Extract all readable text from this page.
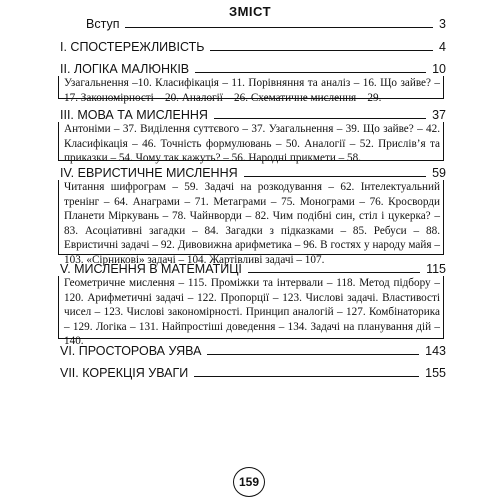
ЗМІСТ
Вступ	3
I. СПОСТЕРЕЖЛИВІСТЬ	4
II. ЛОГІКА МАЛЮНКІВ	10
Узагальнення –10. Класифікація – 11. Порівняння та аналіз – 16. Що зайве? – 17. Закономірності – 20. Аналогії – 26. Схематичне мислення – 29.
III. МОВА ТА МИСЛЕННЯ	37
Антоніми – 37. Виділення суттєвого – 37. Узагальнення – 39. Що зайве? – 42. Класифікація – 46. Точність формулювань – 50. Аналогії – 52. Прислів’я та приказки – 54. Чому так кажуть? – 56. Народні прикмети – 58.
IV. ЕВРИСТИЧНЕ МИСЛЕННЯ	59
Читання шифрограм – 59. Задачі на розкодування – 62. Інтелектуальний тренінг – 64. Анаграми – 71. Метаграми – 75. Монограми – 76. Кросворди Планети Міркувань – 78. Чайнворди – 82. Чим подібні син, стіл і цукерка? – 83. Асоціативні загадки – 84. Загадки з підказками – 85. Ребуси – 88. Евристичні задачі – 92. Дивовижна арифметика – 96. В гостях у народу майя – 103. «Сірникові» задачі – 104. Жартівливі задачі – 107.
V. МИСЛЕННЯ В МАТЕМАТИЦІ	115
Геометричне мислення – 115. Проміжки та інтервали – 118. Метод підбору – 120. Арифметичні задачі – 122. Пропорції – 123. Числові задачі. Властивості чисел – 123. Числові закономірності. Принцип аналогій – 127. Комбінаторика – 129. Логіка – 131. Найпростіші доведення – 134. Задачі на планування дій – 140.
VI. ПРОСТОРОВА УЯВА	143
VII. КОРЕКЦІЯ УВАГИ	155
159
